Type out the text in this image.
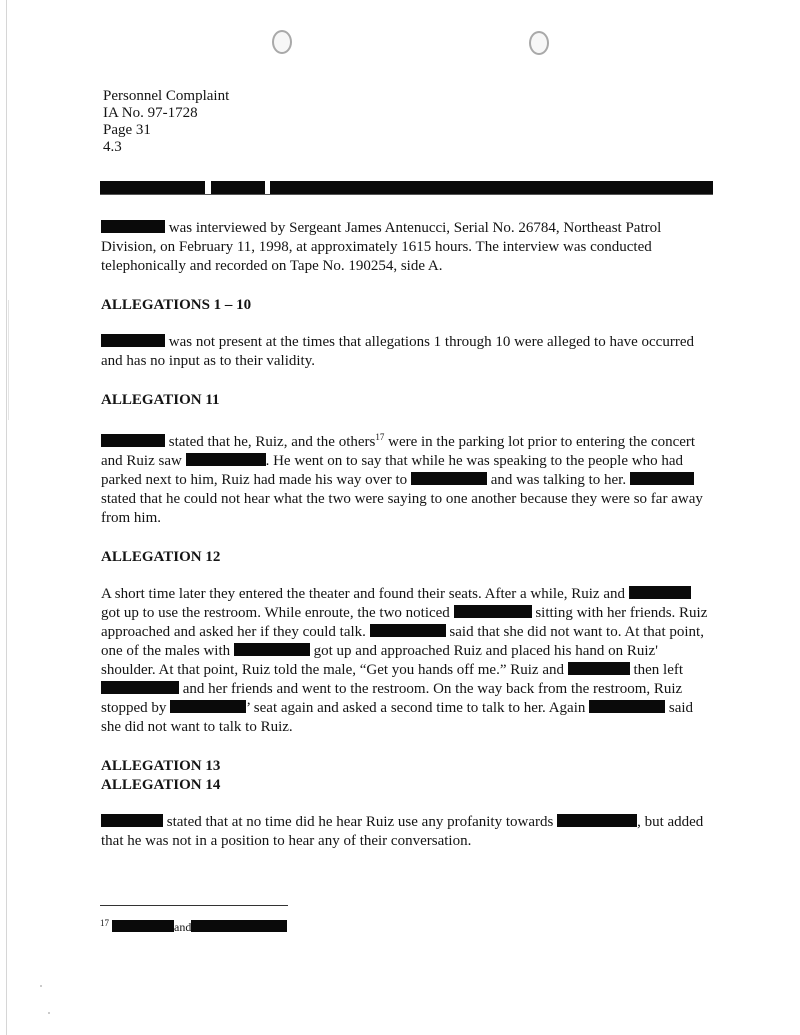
Personnel Complaint
IA No. 97-1728
Page 31
4.3

was interviewed by Sergeant James Antenucci, Serial No. 26784, Northeast Patrol Division, on February 11, 1998, at approximately 1615 hours. The interview was conducted telephonically and recorded on Tape No. 190254, side A.

ALLEGATIONS 1 – 10

was not present at the times that allegations 1 through 10 were alleged to have occurred and has no input as to their validity.

ALLEGATION 11

stated that he, Ruiz, and the others$^{17}$ were in the parking lot prior to entering the concert and Ruiz saw	. He went on to say that while he was speaking to the people who had parked next to him, Ruiz had made his way over to	and was talking to her.  stated that he could not hear what the two were saying to one another because they were so far away from him.

ALLEGATION 12

A short time later they entered the theater and found their seats. After a while, Ruiz and  got up to use the restroom. While enroute, the two noticed	sitting with her friends. Ruiz approached and asked her if they could talk.	said that she did not want to. At that point, one of the males with	got up and approached Ruiz and placed his hand on Ruiz' shoulder. At that point, Ruiz told the male, “Get you hands off me.” Ruiz and	then left  and her friends and went to the restroom. On the way back from the restroom, Ruiz stopped by	’ seat again and asked a second time to talk to her. Again	said she did not want to talk to Ruiz.

ALLEGATION 13
ALLEGATION 14

stated that at no time did he hear Ruiz use any profanity towards	, but added that he was not in a position to hear any of their conversation.

$^{17}$	and
